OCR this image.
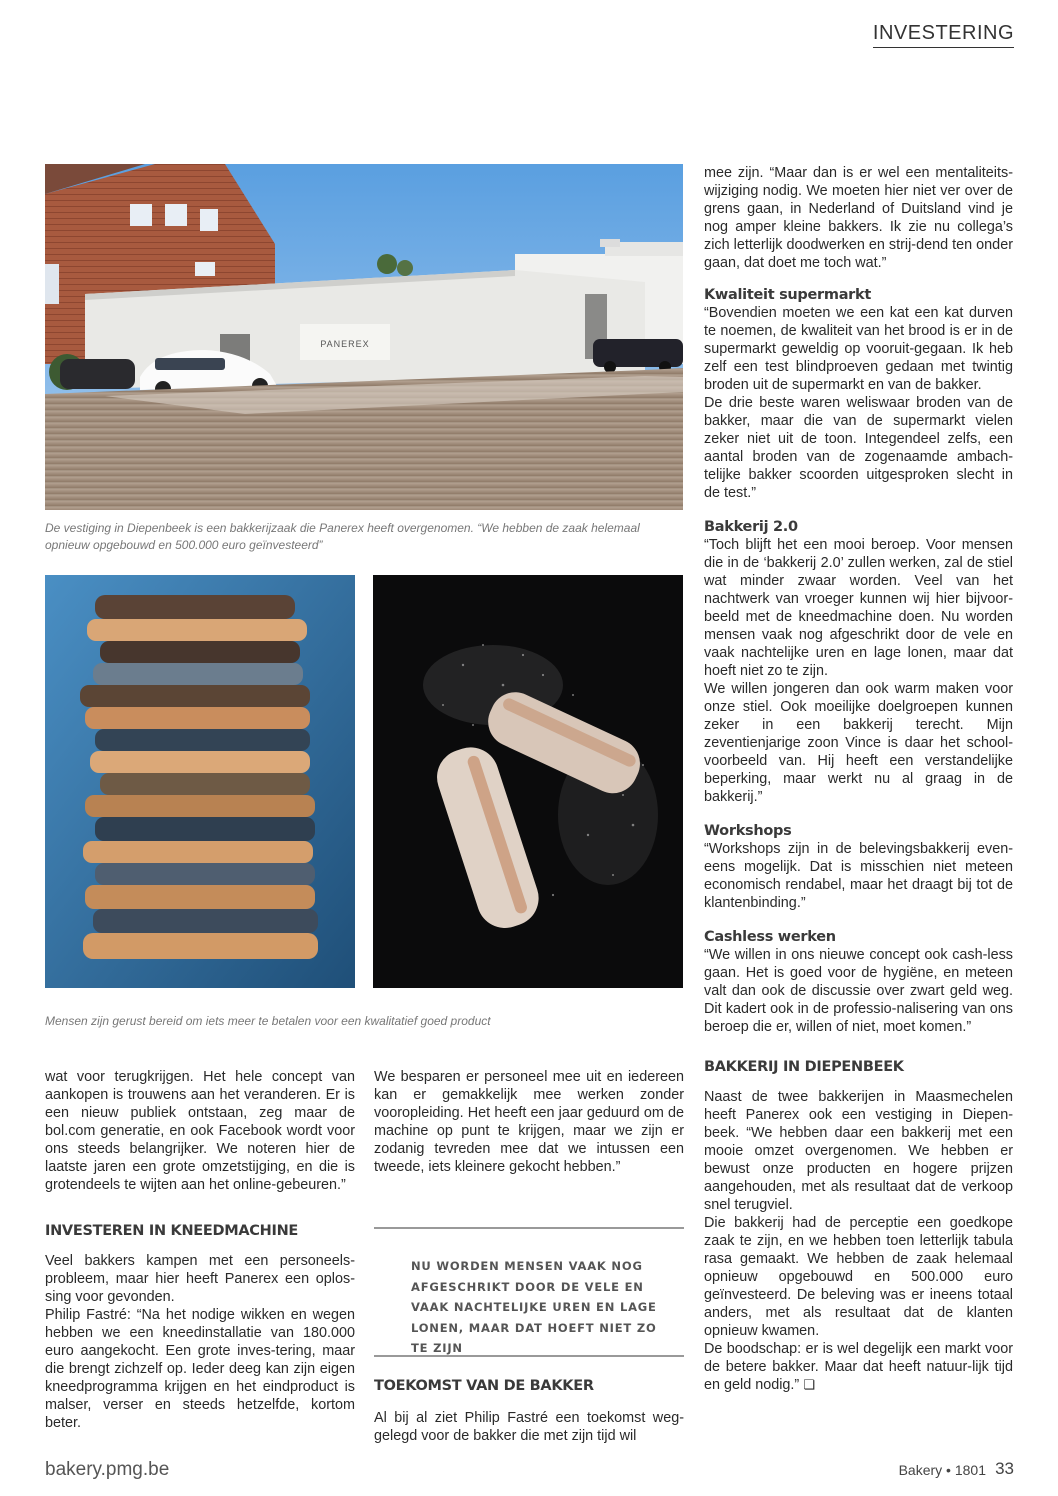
INVESTERING
PANEREX
De vestiging in Diepenbeek is een bakkerijzaak die Panerex heeft overgenomen. “We hebben de zaak helemaal opnieuw opgebouwd en 500.000 euro geïnvesteerd”
Mensen zijn gerust bereid om iets meer te betalen voor een kwalitatief goed product

wat voor terugkrijgen. Het hele concept van aankopen is trouwens aan het veranderen. Er is een nieuw publiek ontstaan, zeg maar de bol.com generatie, en ook Facebook wordt voor ons steeds belangrijker. We noteren hier de laatste jaren een grote omzetstijging, en die is grotendeels te wijten aan het online-gebeuren.”

INVESTEREN IN KNEEDMACHINE

Veel bakkers kampen met een personeels-probleem, maar hier heeft Panerex een oplos-sing voor gevonden.

Philip Fastré: “Na het nodige wikken en wegen hebben we een kneedinstallatie van 180.000 euro aangekocht. Een grote inves-tering, maar die brengt zichzelf op. Ieder deeg kan zijn eigen kneedprogramma krijgen en het eindproduct is malser, verser en steeds hetzelfde, kortom beter.

We besparen er personeel mee uit en iedereen kan er gemakkelijk mee werken zonder vooropleiding. Het heeft een jaar geduurd om de machine op punt te krijgen, maar we zijn er zodanig tevreden mee dat we intussen een tweede, iets kleinere gekocht hebben.”

NU WORDEN MENSEN VAAK NOG AFGESCHRIKT DOOR DE VELE EN VAAK NACHTELIJKE UREN EN LAGE LONEN, MAAR DAT HOEFT NIET ZO TE ZIJN
TOEKOMST VAN DE BAKKER

Al bij al ziet Philip Fastré een toekomst weg-gelegd voor de bakker die met zijn tijd wil

mee zijn. “Maar dan is er wel een mentaliteits-wijziging nodig. We moeten hier niet ver over de grens gaan, in Nederland of Duitsland vind je nog amper kleine bakkers. Ik zie nu collega’s zich letterlijk doodwerken en strij-dend ten onder gaan, dat doet me toch wat.”

Kwaliteit supermarkt

“Bovendien moeten we een kat een kat durven te noemen, de kwaliteit van het brood is er in de supermarkt geweldig op vooruit-gegaan. Ik heb zelf een test blindproeven gedaan met twintig broden uit de supermarkt en van de bakker.

De drie beste waren weliswaar broden van de bakker, maar die van de supermarkt vielen zeker niet uit de toon. Integendeel zelfs, een aantal broden van de zogenaamde ambach-telijke bakker scoorden uitgesproken slecht in de test.”

Bakkerij 2.0

“Toch blijft het een mooi beroep. Voor mensen die in de ‘bakkerij 2.0’ zullen werken, zal de stiel wat minder zwaar worden. Veel van het nachtwerk van vroeger kunnen wij hier bijvoor-beeld met de kneedmachine doen. Nu worden mensen vaak nog afgeschrikt door de vele en vaak nachtelijke uren en lage lonen, maar dat hoeft niet zo te zijn.

We willen jongeren dan ook warm maken voor onze stiel. Ook moeilijke doelgroepen kunnen zeker in een bakkerij terecht. Mijn zeventienjarige zoon Vince is daar het school-voorbeeld van. Hij heeft een verstandelijke beperking, maar werkt nu al graag in de bakkerij.”

Workshops

“Workshops zijn in de belevingsbakkerij even-eens mogelijk. Dat is misschien niet meteen economisch rendabel, maar het draagt bij tot de klantenbinding.”

Cashless werken

“We willen in ons nieuwe concept ook cash-less gaan. Het is goed voor de hygiëne, en meteen valt dan ook de discussie over zwart geld weg. Dit kadert ook in de professio-nalisering van ons beroep die er, willen of niet, moet komen.”

BAKKERIJ IN DIEPENBEEK

Naast de twee bakkerijen in Maasmechelen heeft Panerex ook een vestiging in Diepen-beek. “We hebben daar een bakkerij met een mooie omzet overgenomen. We hebben er bewust onze producten en hogere prijzen aangehouden, met als resultaat dat de verkoop snel terugviel.

Die bakkerij had de perceptie een goedkope zaak te zijn, en we hebben toen letterlijk tabula rasa gemaakt. We hebben de zaak helemaal opnieuw opgebouwd en 500.000 euro geïnvesteerd. De beleving was er ineens totaal anders, met als resultaat dat de klanten opnieuw kwamen.

De boodschap: er is wel degelijk een markt voor de betere bakker. Maar dat heeft natuur-lijk tijd en geld nodig.” ❏

bakery.pmg.be	Bakery • 1801 33
